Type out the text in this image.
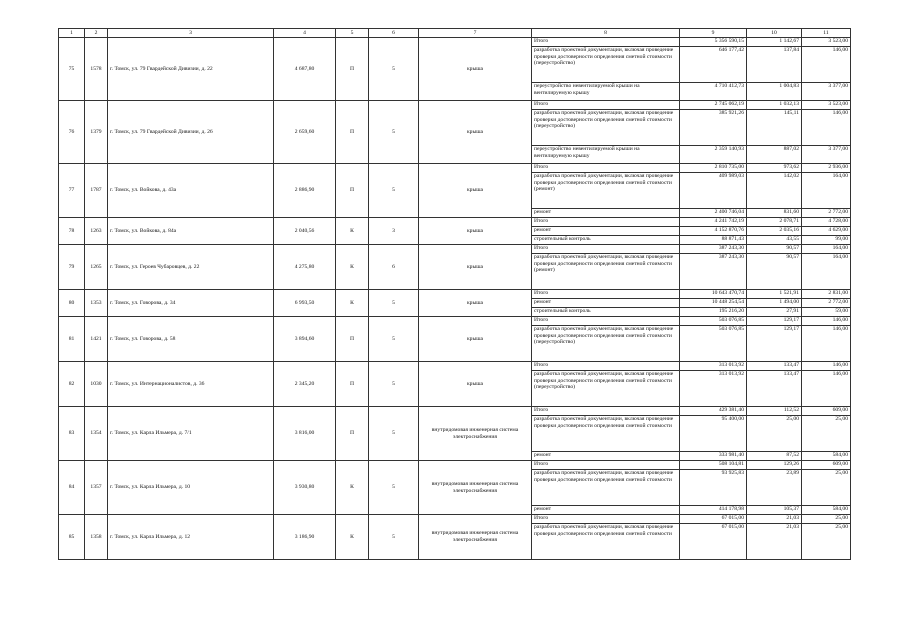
1	2	3	4	5	6	7	8	9	10	11
75	1578	г. Томск, ул. 79 Гвардейской Дивизии, д. 22	4 687,80	П	5	крыша	Итого	5 356 590,15	1 142,67	3 523,00
							разработка проектной документации, включая проведение проверки достоверности определения сметной стоимости (переустройство)	646 177,42	137,84	146,00
							переустройство невентилируемой крыши на вентилируемую крышу	4 710 412,73	1 004,83	3 377,00
76	1379	г. Томск, ул. 79 Гвардейской Дивизии, д. 26	2 659,60	П	5	крыша	Итого	2 745 062,19	1 032,13	3 523,00
							разработка проектной документации, включая проведение проверки достоверности определения сметной стоимости (переустройство)	385 921,26	145,11	146,00
							переустройство невентилируемой крыши на вентилируемую крышу	2 359 140,93	887,02	3 377,00
77	1787	г. Томск, ул. Войкова, д. 43а	2 886,90	П	5	крыша	Итого	2 810 735,00	973,62	2 936,00
							разработка проектной документации, включая проведение проверки достоверности определения сметной стоимости (ремонт)	409 989,03	142,02	164,00
							ремонт	2 400 746,04	831,60	2 772,00
78	1263	г. Томск, ул. Войкова, д. 84а	2 040,56	К	3	крыша	Итого	4 241 742,19	2 078,71	4 728,00
							ремонт	4 152 870,76	2 035,16	4 629,00
							строительный контроль	88 871,43	43,55	99,00
79	1265	г. Томск, ул. Героев Чубаровцев, д. 22	4 275,80	К	6	крыша	Итого	387 243,30	90,57	164,00
							разработка проектной документации, включая проведение проверки достоверности определения сметной стоимости (ремонт)	387 243,30	90,57	164,00
80	1353	г. Томск, ул. Говорова, д. 34	6 993,50	К	5	крыша	Итого	10 643 470,74	1 521,91	2 831,00
							ремонт	10 448 254,54	1 494,00	2 772,00
							строительный контроль	195 216,20	27,91	59,00
81	1421	г. Томск, ул. Говорова, д. 58	3 894,60	П	5	крыша	Итого	503 076,85	129,17	146,00
							разработка проектной документации, включая проведение проверки достоверности определения сметной стоимости (переустройство)	503 076,85	129,17	146,00
82	1030	г. Томск, ул. Интернационалистов, д. 36	2 345,20	П	5	крыша	Итого	313 013,92	133,47	146,00
							разработка проектной документации, включая проведение проверки достоверности определения сметной стоимости (переустройство)	313 013,92	133,47	146,00
83	1354	г. Томск, ул. Карла Ильмера, д. 7/1	3 816,00	П	5	внутридомовая инженерная система электроснабжения	Итого	429 381,40	112,52	609,00
							разработка проектной документации, включая проведение проверки достоверности определения сметной стоимости	95 400,00	25,00	25,00
							ремонт	333 981,40	87,52	584,00
84	1357	г. Томск, ул. Карла Ильмера, д. 10	3 930,80	К	5	внутридомовая инженерная система электроснабжения	Итого	508 104,81	129,26	609,00
							разработка проектной документации, включая проведение проверки достоверности определения сметной стоимости	93 925,83	23,89	25,00
							ремонт	414 178,98	105,37	584,00
85	1358	г. Томск, ул. Карла Ильмера, д. 12	3 186,90	К	5	внутридомовая инженерная система электроснабжения	Итого	67 015,00	21,03	25,00
							разработка проектной документации, включая проведение проверки достоверности определения сметной стоимости	67 015,00	21,03	25,00
